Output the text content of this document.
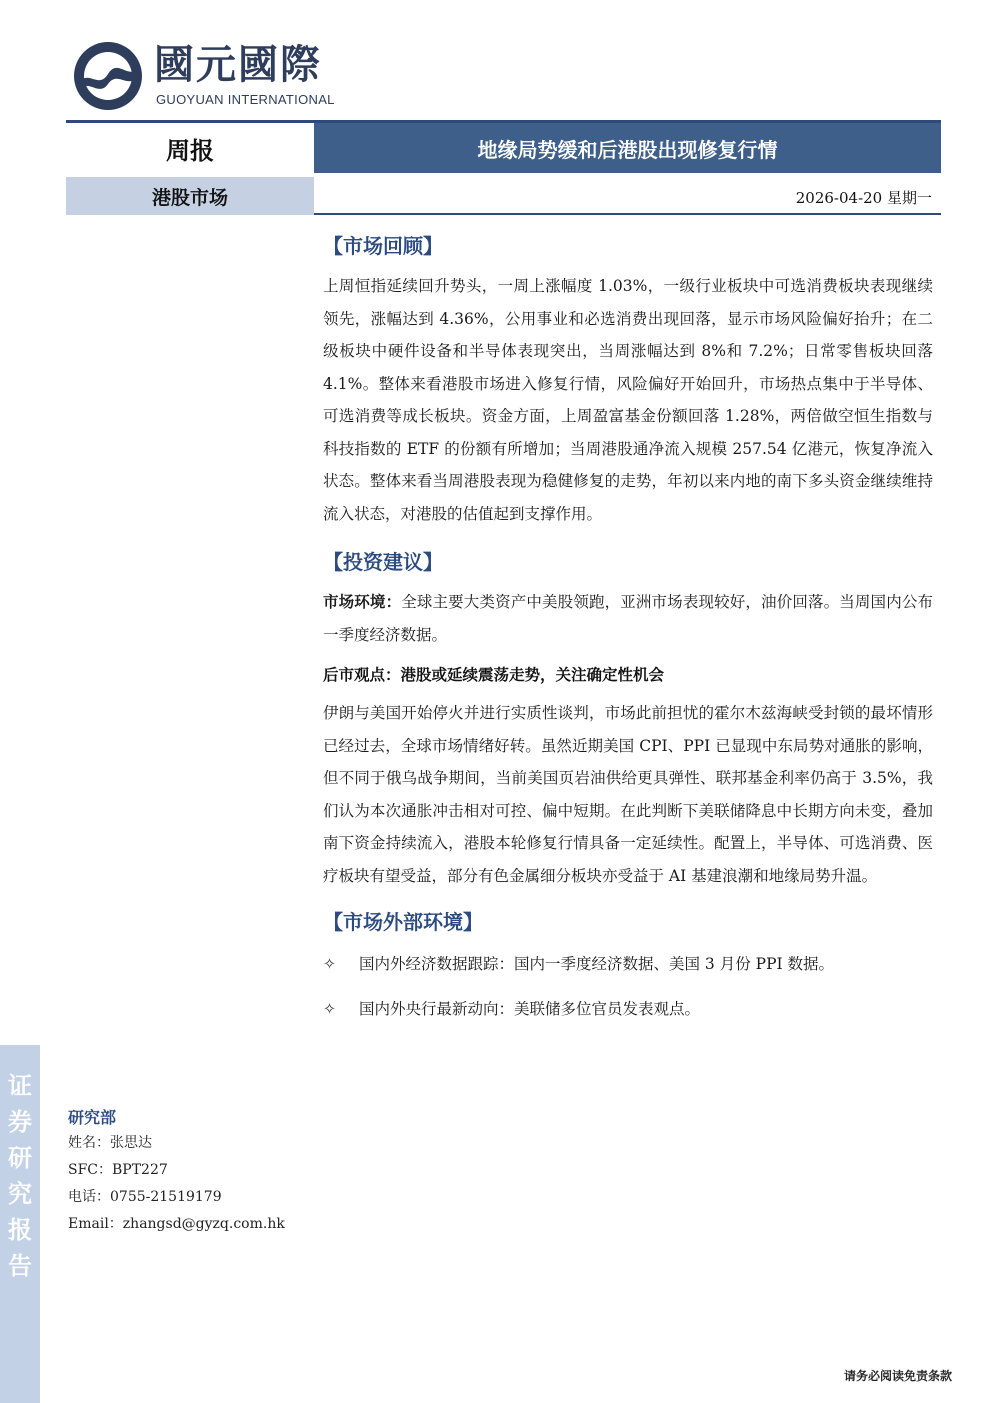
國元國際
GUOYUAN INTERNATIONAL
周报	地缘局势缓和后港股出现修复行情
港股市场	2026-04-20 星期一
【市场回顾】

上周恒指延续回升势头，一周上涨幅度 1.03%，一级行业板块中可选消费板块表现继续领先，涨幅达到 4.36%，公用事业和必选消费出现回落，显示市场风险偏好抬升；在二级板块中硬件设备和半导体表现突出，当周涨幅达到 8%和 7.2%；日常零售板块回落 4.1%。整体来看港股市场进入修复行情，风险偏好开始回升，市场热点集中于半导体、可选消费等成长板块。资金方面，上周盈富基金份额回落 1.28%，两倍做空恒生指数与科技指数的 ETF 的份额有所增加；当周港股通净流入规模 257.54 亿港元，恢复净流入状态。整体来看当周港股表现为稳健修复的走势，年初以来内地的南下多头资金继续维持流入状态，对港股的估值起到支撑作用。

【投资建议】

市场环境：全球主要大类资产中美股领跑，亚洲市场表现较好，油价回落。当周国内公布一季度经济数据。

后市观点：港股或延续震荡走势，关注确定性机会

伊朗与美国开始停火并进行实质性谈判，市场此前担忧的霍尔木兹海峡受封锁的最坏情形已经过去，全球市场情绪好转。虽然近期美国 CPI、PPI 已显现中东局势对通胀的影响，但不同于俄乌战争期间，当前美国页岩油供给更具弹性、联邦基金利率仍高于 3.5%，我们认为本次通胀冲击相对可控、偏中短期。在此判断下美联储降息中长期方向未变，叠加南下资金持续流入，港股本轮修复行情具备一定延续性。配置上，半导体、可选消费、医疗板块有望受益，部分有色金属细分板块亦受益于 AI 基建浪潮和地缘局势升温。

【市场外部环境】
✧	国内外经济数据跟踪：国内一季度经济数据、美国 3 月份 PPI 数据。
✧	国内外央行最新动向：美联储多位官员发表观点。
证
券
研
究
报
告
研究部
姓名：张思达
SFC：BPT227
电话：0755-21519179
Email：zhangsd@gyzq.com.hk
请务必阅读免责条款
